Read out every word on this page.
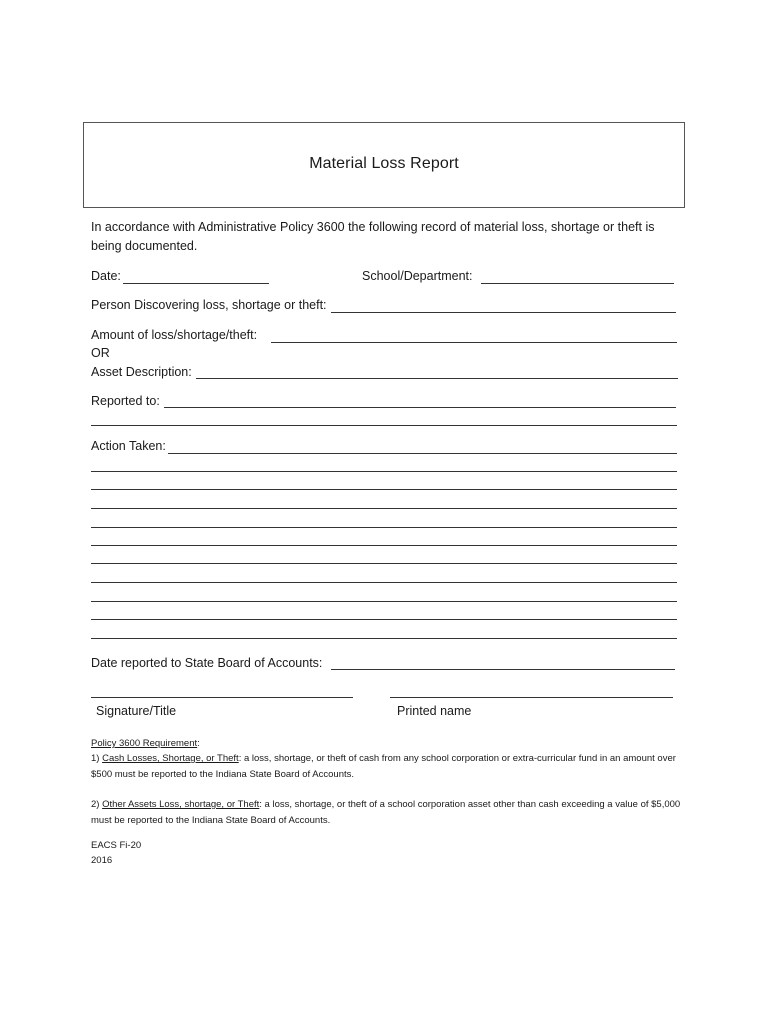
Material Loss Report
In accordance with Administrative Policy 3600 the following record of material loss, shortage or theft is being documented.
Date:	School/Department:
Person Discovering loss, shortage or theft:
Amount of loss/shortage/theft:
OR
Asset Description:
Reported to:
Action Taken:
Date reported to State Board of Accounts:
Signature/Title	Printed name
Policy 3600 Requirement:
1) Cash Losses, Shortage, or Theft: a loss, shortage, or theft of cash from any school corporation or extra-curricular fund in an amount over $500 must be reported to the Indiana State Board of Accounts.
2) Other Assets Loss, shortage, or Theft: a loss, shortage, or theft of a school corporation asset other than cash exceeding a value of $5,000 must be reported to the Indiana State Board of Accounts.
EACS Fi-20
2016
